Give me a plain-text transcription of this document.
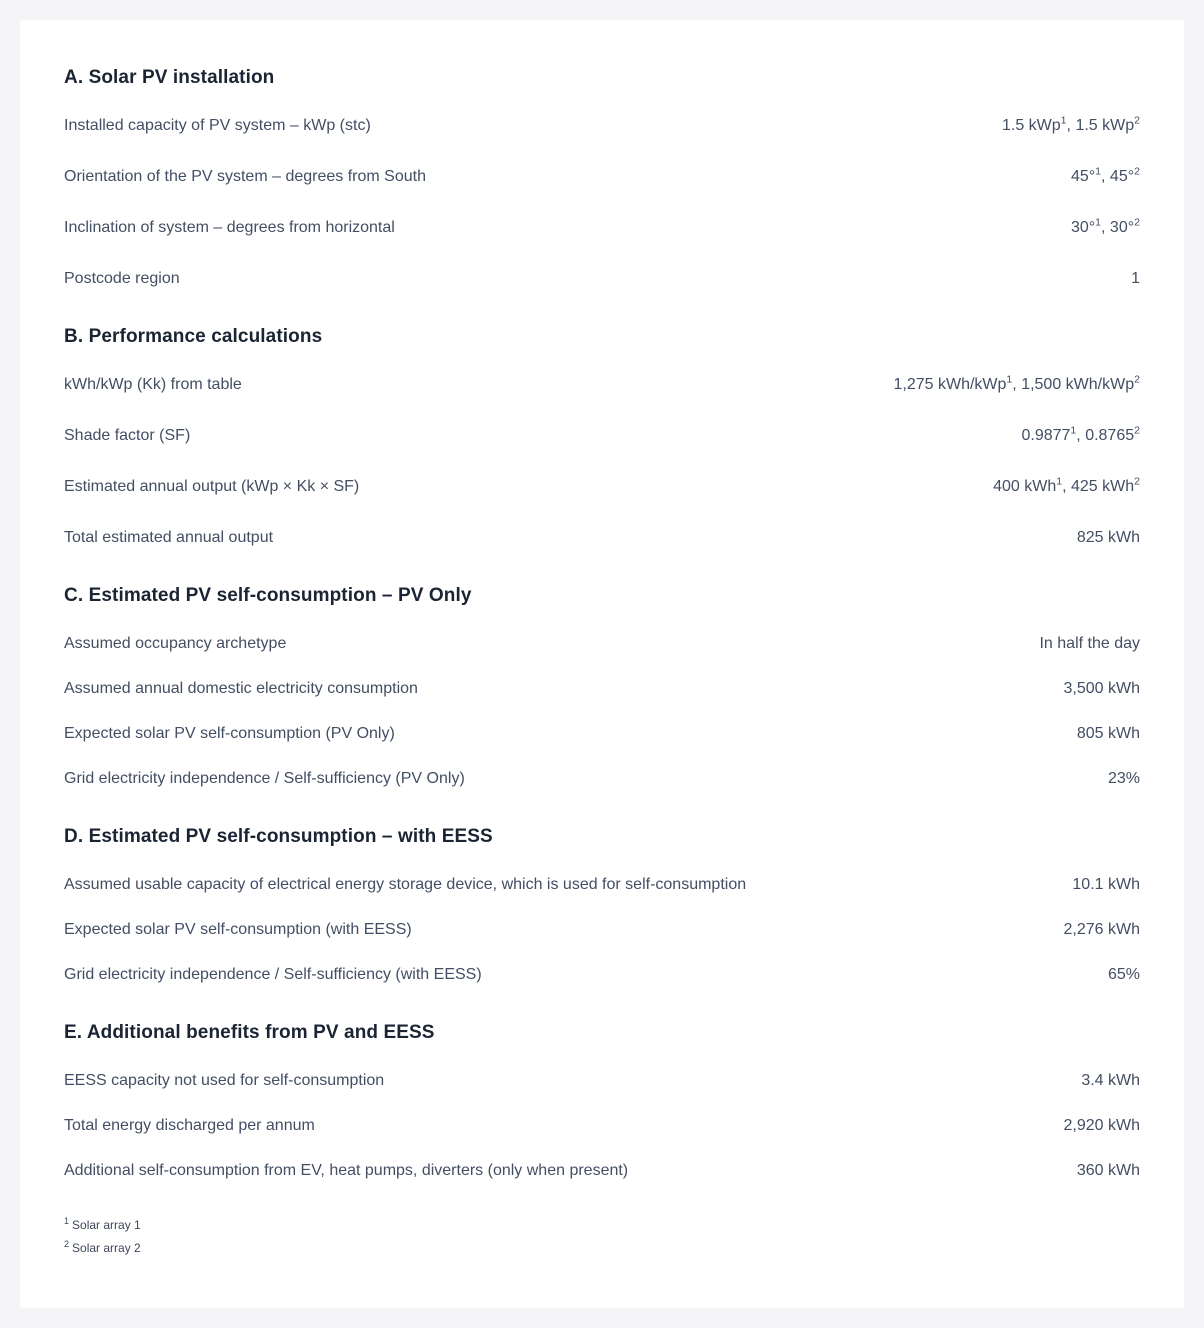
A. Solar PV installation
Installed capacity of PV system – kWp (stc)	1.5 kWp$^1$, 1.5 kWp$^2$
Orientation of the PV system – degrees from South	45°$^1$, 45°$^2$
Inclination of system – degrees from horizontal	30°$^1$, 30°$^2$
Postcode region	1
B. Performance calculations
kWh/kWp (Kk) from table	1,275 kWh/kWp$^1$, 1,500 kWh/kWp$^2$
Shade factor (SF)	0.9877$^1$, 0.8765$^2$
Estimated annual output (kWp × Kk × SF)	400 kWh$^1$, 425 kWh$^2$
Total estimated annual output	825 kWh
C. Estimated PV self-consumption – PV Only
Assumed occupancy archetype	In half the day
Assumed annual domestic electricity consumption	3,500 kWh
Expected solar PV self-consumption (PV Only)	805 kWh
Grid electricity independence / Self-sufficiency (PV Only)	23%
D. Estimated PV self-consumption – with EESS
Assumed usable capacity of electrical energy storage device, which is used for self-consumption	10.1 kWh
Expected solar PV self-consumption (with EESS)	2,276 kWh
Grid electricity independence / Self-sufficiency (with EESS)	65%
E. Additional benefits from PV and EESS
EESS capacity not used for self-consumption	3.4 kWh
Total energy discharged per annum	2,920 kWh
Additional self-consumption from EV, heat pumps, diverters (only when present)	360 kWh
$^1$ Solar array 1
$^2$ Solar array 2
